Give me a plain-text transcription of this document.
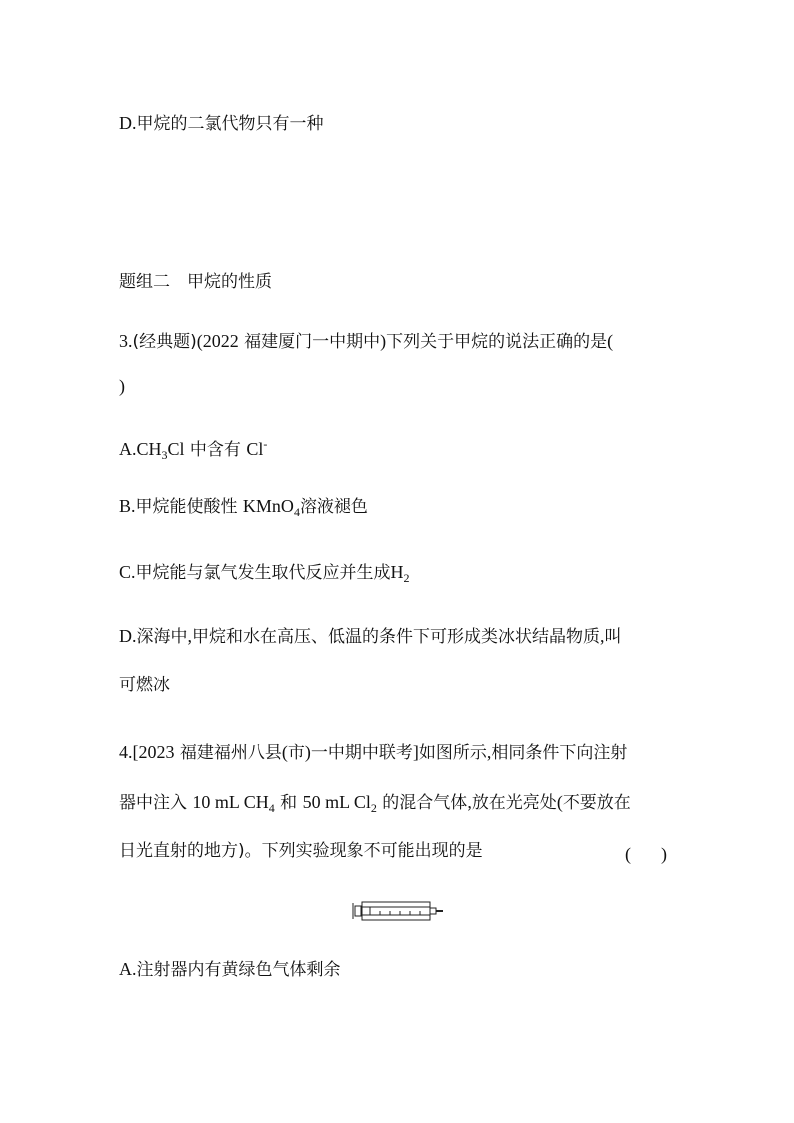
D.甲烷的二氯代物只有一种
题组二　甲烷的性质
3.(经典题)(2022 福建厦门一中期中)下列关于甲烷的说法正确的是(
)
$A.CH_3Cl$ 中含有 Cl-
B.甲烷能使酸性 KMnO$_4$溶液褪色
C.甲烷能与氯气发生取代反应并生成$H_2$
D.深海中,甲烷和水在高压、低温的条件下可形成类冰状结晶物质,叫
可燃冰
4.[2023 福建福州八县(市)一中期中联考]如图所示,相同条件下向注射
器中注入 10 mL $CH_4$ 和 50 mL $Cl_2$ 的混合气体,放在光亮处(不要放在
日光直射的地方)。下列实验现象不可能出现的是	( )
A.注射器内有黄绿色气体剩余
